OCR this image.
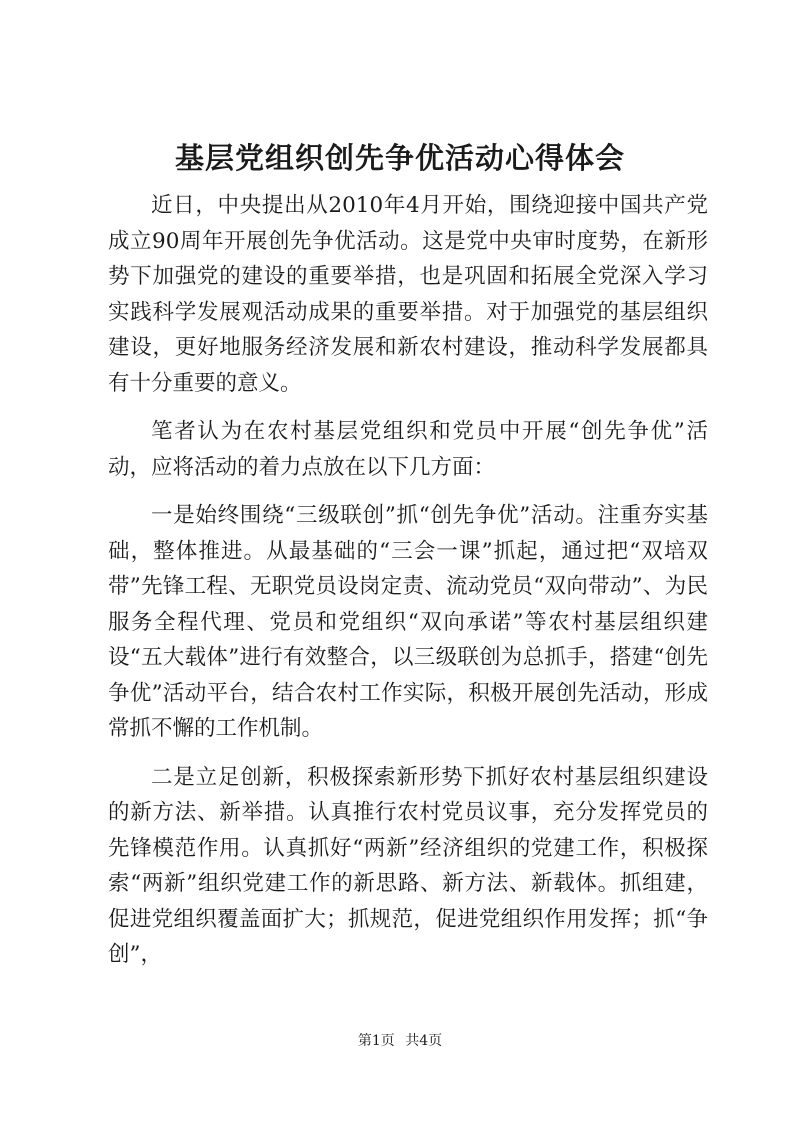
基层党组织创先争优活动心得体会

近日，中央提出从2010年4月开始，围绕迎接中国共产党成立90周年开展创先争优活动。这是党中央审时度势，在新形势下加强党的建设的重要举措，也是巩固和拓展全党深入学习实践科学发展观活动成果的重要举措。对于加强党的基层组织建设，更好地服务经济发展和新农村建设，推动科学发展都具有十分重要的意义。

笔者认为在农村基层党组织和党员中开展“创先争优”活动，应将活动的着力点放在以下几方面：

一是始终围绕“三级联创”抓“创先争优”活动。注重夯实基础，整体推进。从最基础的“三会一课”抓起，通过把“双培双带”先锋工程、无职党员设岗定责、流动党员“双向带动”、为民服务全程代理、党员和党组织“双向承诺”等农村基层组织建设“五大载体”进行有效整合，以三级联创为总抓手，搭建“创先争优”活动平台，结合农村工作实际，积极开展创先活动，形成常抓不懈的工作机制。

二是立足创新，积极探索新形势下抓好农村基层组织建设的新方法、新举措。认真推行农村党员议事，充分发挥党员的先锋模范作用。认真抓好“两新”经济组织的党建工作，积极探索“两新”组织党建工作的新思路、新方法、新载体。抓组建，促进党组织覆盖面扩大；抓规范，促进党组织作用发挥；抓“争创”，

第1页 共4页
